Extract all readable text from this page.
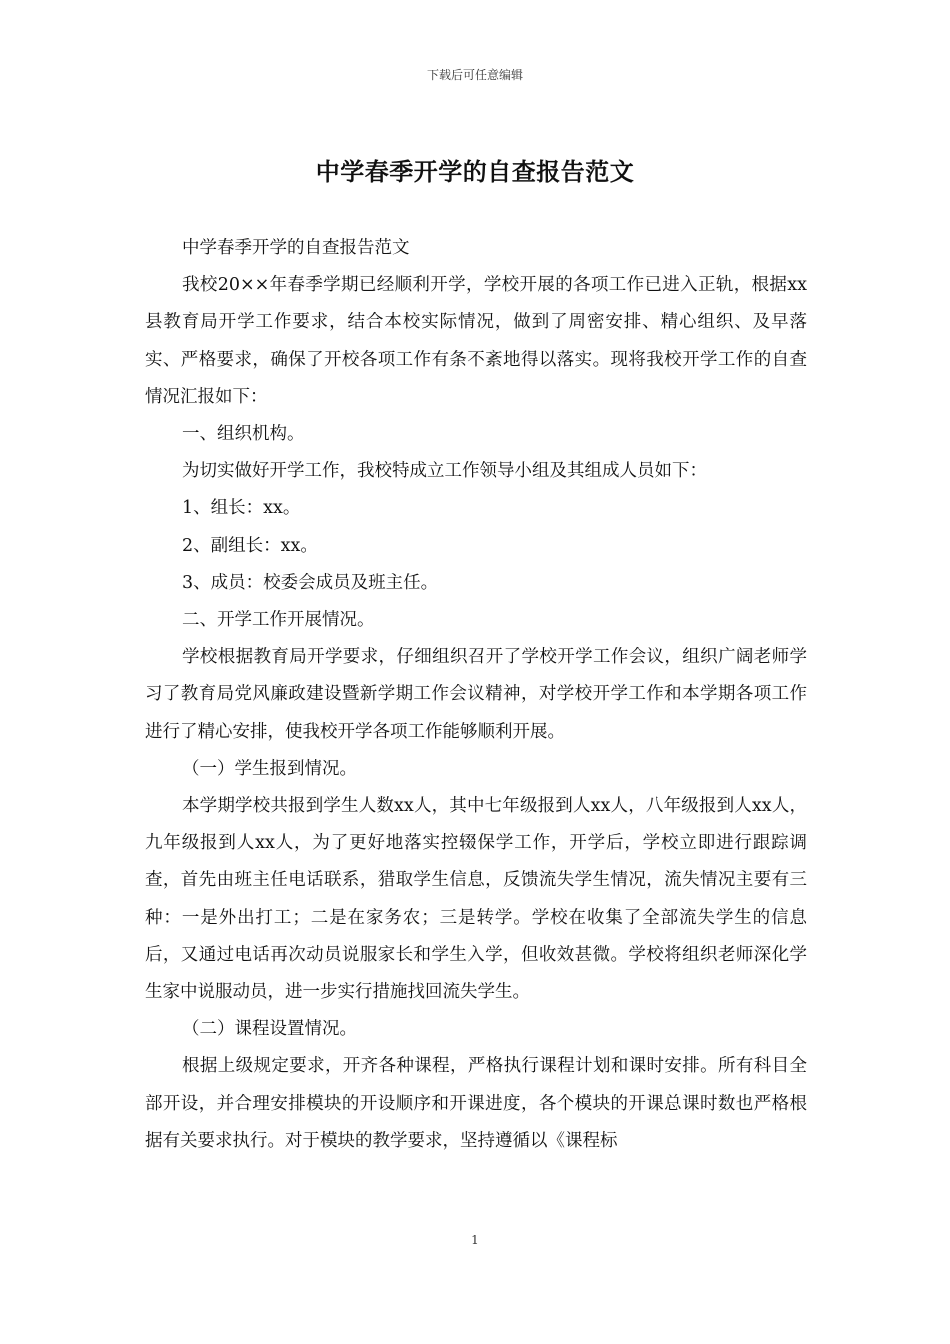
下载后可任意编辑
中学春季开学的自查报告范文

中学春季开学的自查报告范文

我校20××年春季学期已经顺利开学，学校开展的各项工作已进入正轨，根据xx县教育局开学工作要求，结合本校实际情况，做到了周密安排、精心组织、及早落实、严格要求，确保了开校各项工作有条不紊地得以落实。现将我校开学工作的自查情况汇报如下：

一、组织机构。

为切实做好开学工作，我校特成立工作领导小组及其组成人员如下：

1、组长：xx。

2、副组长：xx。

3、成员：校委会成员及班主任。

二、开学工作开展情况。

学校根据教育局开学要求，仔细组织召开了学校开学工作会议，组织广阔老师学习了教育局党风廉政建设暨新学期工作会议精神，对学校开学工作和本学期各项工作进行了精心安排，使我校开学各项工作能够顺利开展。

（一）学生报到情况。

本学期学校共报到学生人数xx人，其中七年级报到人xx人，八年级报到人xx人，九年级报到人xx人，为了更好地落实控辍保学工作，开学后，学校立即进行跟踪调查，首先由班主任电话联系，猎取学生信息，反馈流失学生情况，流失情况主要有三种：一是外出打工；二是在家务农；三是转学。学校在收集了全部流失学生的信息后，又通过电话再次动员说服家长和学生入学，但收效甚微。学校将组织老师深化学生家中说服动员，进一步实行措施找回流失学生。

（二）课程设置情况。

根据上级规定要求，开齐各种课程，严格执行课程计划和课时安排。所有科目全部开设，并合理安排模块的开设顺序和开课进度，各个模块的开课总课时数也严格根据有关要求执行。对于模块的教学要求，坚持遵循以《课程标

1
